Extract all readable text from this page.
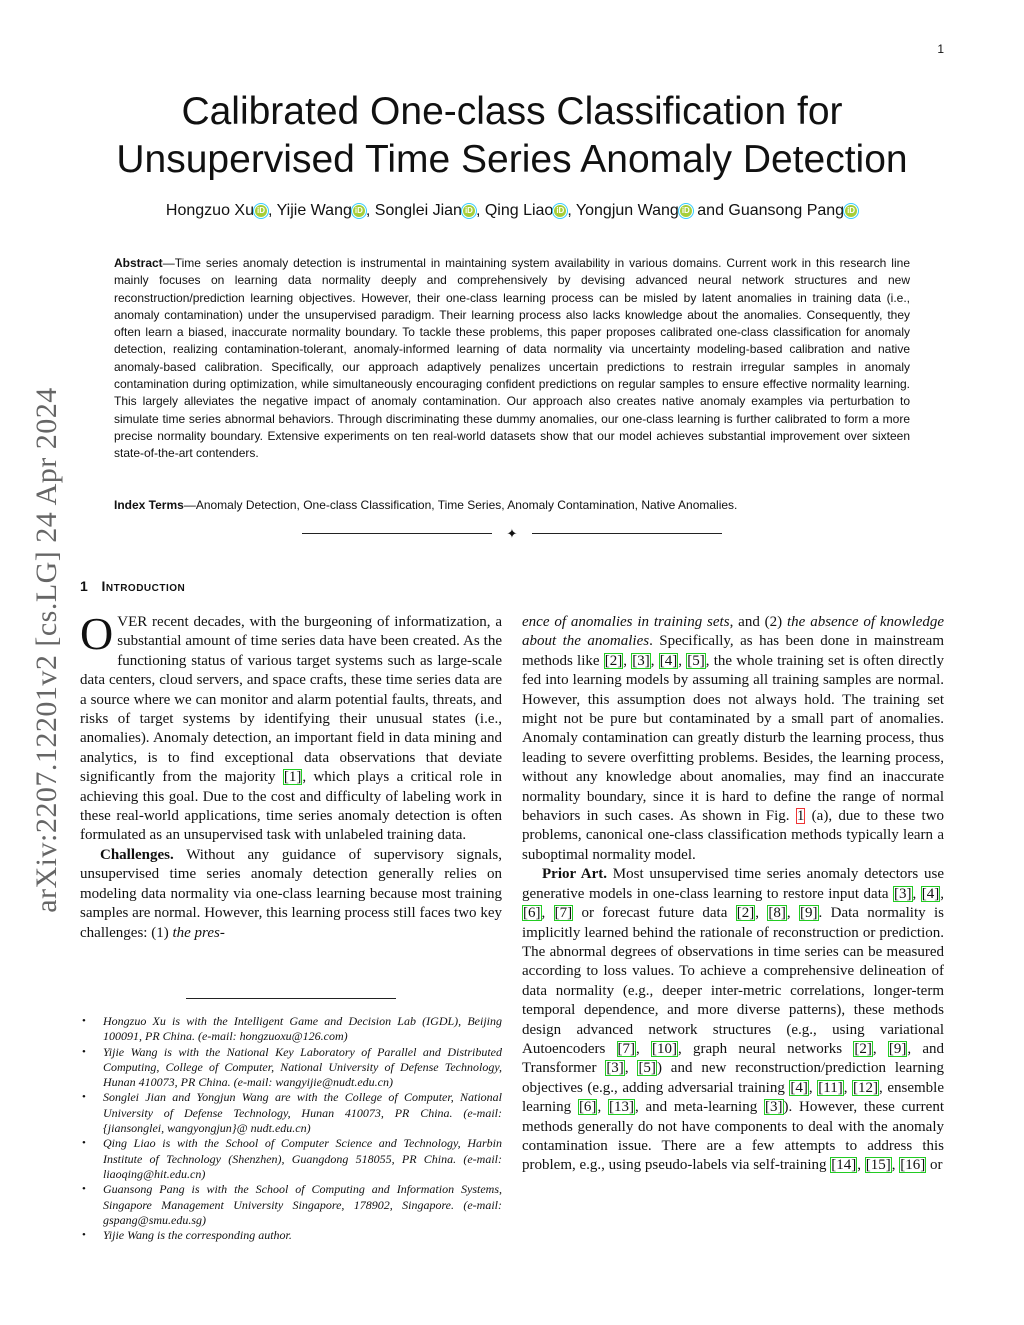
1
arXiv:2207.12201v2 [cs.LG] 24 Apr 2024
Calibrated One-class Classification for Unsupervised Time Series Anomaly Detection
Hongzuo Xu iD , Yijie Wang iD , Songlei Jian iD , Qing Liao iD , Yongjun Wang iD and Guansong Pang iD

Abstract—Time series anomaly detection is instrumental in maintaining system availability in various domains. Current work in this research line mainly focuses on learning data normality deeply and comprehensively by devising advanced neural network structures and new reconstruction/prediction learning objectives. However, their one-class learning process can be misled by latent anomalies in training data (i.e., anomaly contamination) under the unsupervised paradigm. Their learning process also lacks knowledge about the anomalies. Consequently, they often learn a biased, inaccurate normality boundary. To tackle these problems, this paper proposes calibrated one-class classification for anomaly detection, realizing contamination-tolerant, anomaly-informed learning of data normality via uncertainty modeling-based calibration and native anomaly-based calibration. Specifically, our approach adaptively penalizes uncertain predictions to restrain irregular samples in anomaly contamination during optimization, while simultaneously encouraging confident predictions on regular samples to ensure effective normality learning. This largely alleviates the negative impact of anomaly contamination. Our approach also creates native anomaly examples via perturbation to simulate time series abnormal behaviors. Through discriminating these dummy anomalies, our one-class learning is further calibrated to form a more precise normality boundary. Extensive experiments on ten real-world datasets show that our model achieves substantial improvement over sixteen state-of-the-art contenders.

Index Terms—Anomaly Detection, One-class Classification, Time Series, Anomaly Contamination, Native Anomalies.

✦
1 Introduction

OVER recent decades, with the burgeoning of informatization, a substantial amount of time series data have been created. As the functioning status of various target systems such as large-scale data centers, cloud servers, and space crafts, these time series data are a source where we can monitor and alarm potential faults, threats, and risks of target systems by identifying their unusual states (i.e., anomalies). Anomaly detection, an important field in data mining and analytics, is to find exceptional data observations that deviate significantly from the majority [1], which plays a critical role in achieving this goal. Due to the cost and difficulty of labeling work in these real-world applications, time series anomaly detection is often formulated as an unsupervised task with unlabeled training data.

Challenges. Without any guidance of supervisory signals, unsupervised time series anomaly detection generally relies on modeling data normality via one-class learning because most training samples are normal. However, this learning process still faces two key challenges: (1) the pres-

• Hongzuo Xu is with the Intelligent Game and Decision Lab (IGDL), Beijing 100091, PR China. (e-mail: hongzuoxu@126.com)
• Yijie Wang is with the National Key Laboratory of Parallel and Distributed Computing, College of Computer, National University of Defense Technology, Hunan 410073, PR China. (e-mail: wangyijie@nudt.edu.cn)
• Songlei Jian and Yongjun Wang are with the College of Computer, National University of Defense Technology, Hunan 410073, PR China. (e-mail: {jiansonglei, wangyongjun}@ nudt.edu.cn)
• Qing Liao is with the School of Computer Science and Technology, Harbin Institute of Technology (Shenzhen), Guangdong 518055, PR China. (e-mail: liaoqing@hit.edu.cn)
• Guansong Pang is with the School of Computing and Information Systems, Singapore Management University Singapore, 178902, Singapore. (e-mail: gspang@smu.edu.sg)
• Yijie Wang is the corresponding author.

ence of anomalies in training sets, and (2) the absence of knowledge about the anomalies. Specifically, as has been done in mainstream methods like [2], [3], [4], [5], the whole training set is often directly fed into learning models by assuming all training samples are normal. However, this assumption does not always hold. The training set might not be pure but contaminated by a small part of anomalies. Anomaly contamination can greatly disturb the learning process, thus leading to severe overfitting problems. Besides, the learning process, without any knowledge about anomalies, may find an inaccurate normality boundary, since it is hard to define the range of normal behaviors in such cases. As shown in Fig. 1 (a), due to these two problems, canonical one-class classification methods typically learn a suboptimal normality model.

Prior Art. Most unsupervised time series anomaly detectors use generative models in one-class learning to restore input data [3], [4], [6], [7] or forecast future data [2], [8], [9]. Data normality is implicitly learned behind the rationale of reconstruction or prediction. The abnormal degrees of observations in time series can be measured according to loss values. To achieve a comprehensive delineation of data normality (e.g., deeper inter-metric correlations, longer-term temporal dependence, and more diverse patterns), these methods design advanced network structures (e.g., using variational Autoencoders [7], [10], graph neural networks [2], [9], and Transformer [3], [5]) and new reconstruction/prediction learning objectives (e.g., adding adversarial training [4], [11], [12], ensemble learning [6], [13], and meta-learning [3]). However, these current methods generally do not have components to deal with the anomaly contamination issue. There are a few attempts to address this problem, e.g., using pseudo-labels via self-training [14], [15], [16] or
